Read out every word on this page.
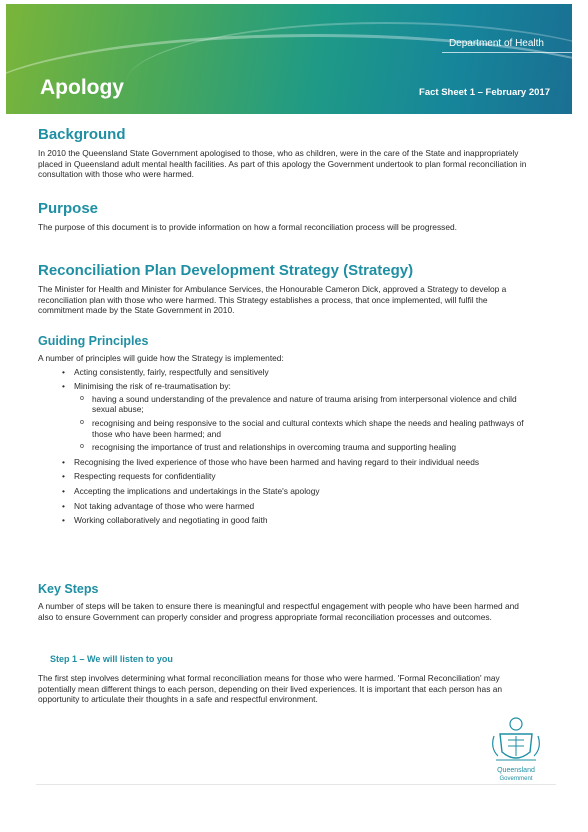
Department of Health
Apology	Fact Sheet 1 – February 2017
Background

In 2010 the Queensland State Government apologised to those, who as children, were in the care of the State and inappropriately placed in Queensland adult mental health facilities. As part of this apology the Government undertook to plan formal reconciliation in consultation with those who were harmed.

Purpose

The purpose of this document is to provide information on how a formal reconciliation process will be progressed.

Reconciliation Plan Development Strategy (Strategy)

The Minister for Health and Minister for Ambulance Services, the Honourable Cameron Dick, approved a Strategy to develop a reconciliation plan with those who were harmed. This Strategy establishes a process, that once implemented, will fulfil the commitment made by the State Government in 2010.

Guiding Principles

A number of principles will guide how the Strategy is implemented:

• Acting consistently, fairly, respectfully and sensitively
• Minimising the risk of re-traumatisation by:
o having a sound understanding of the prevalence and nature of trauma arising from interpersonal violence and child sexual abuse;
o recognising and being responsive to the social and cultural contexts which shape the needs and healing pathways of those who have been harmed; and
o recognising the importance of trust and relationships in overcoming trauma and supporting healing
• Recognising the lived experience of those who have been harmed and having regard to their individual needs
• Respecting requests for confidentiality
• Accepting the implications and undertakings in the State's apology
• Not taking advantage of those who were harmed
• Working collaboratively and negotiating in good faith
Key Steps

A number of steps will be taken to ensure there is meaningful and respectful engagement with people who have been harmed and also to ensure Government can properly consider and progress appropriate formal reconciliation processes and outcomes.

Step 1 – We will listen to you

The first step involves determining what formal reconciliation means for those who were harmed. 'Formal Reconciliation' may potentially mean different things to each person, depending on their lived experiences. It is important that each person has an opportunity to articulate their thoughts in a safe and respectful environment.

Queensland
Government
